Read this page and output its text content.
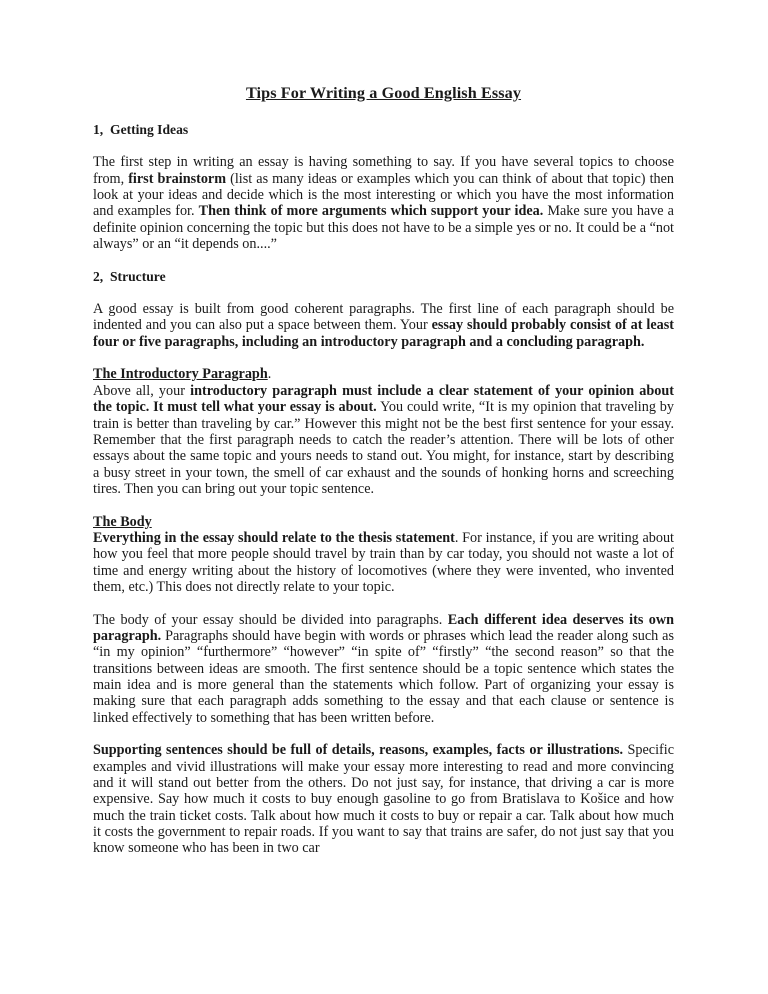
Tips For Writing a Good English Essay
1,  Getting Ideas

The first step in writing an essay is having something to say. If you have several topics to choose from, first brainstorm (list as many ideas or examples which you can think of about that topic) then look at your ideas and decide which is the most interesting or which you have the most information and examples for. Then think of more arguments which support your idea. Make sure you have a definite opinion concerning the topic but this does not have to be a simple yes or no. It could be a “not always” or an “it depends on....”

2,  Structure

A good essay is built from good coherent paragraphs. The first line of each paragraph should be indented and you can also put a space between them. Your essay should probably consist of at least four or five paragraphs, including an introductory paragraph and a concluding paragraph.

The Introductory Paragraph.

Above all, your introductory paragraph must include a clear statement of your opinion about the topic. It must tell what your essay is about. You could write, “It is my opinion that traveling by train is better than traveling by car.” However this might not be the best first sentence for your essay. Remember that the first paragraph needs to catch the reader’s attention. There will be lots of other essays about the same topic and yours needs to stand out. You might, for instance, start by describing a busy street in your town, the smell of car exhaust and the sounds of honking horns and screeching tires. Then you can bring out your topic sentence.

The Body

Everything in the essay should relate to the thesis statement. For instance, if you are writing about how you feel that more people should travel by train than by car today, you should not waste a lot of time and energy writing about the history of locomotives (where they were invented, who invented them, etc.) This does not directly relate to your topic.

The body of your essay should be divided into paragraphs. Each different idea deserves its own paragraph. Paragraphs should have begin with words or phrases which lead the reader along such as “in my opinion” “furthermore” “however” “in spite of” “firstly” “the second reason” so that the transitions between ideas are smooth. The first sentence should be a topic sentence which states the main idea and is more general than the statements which follow. Part of organizing your essay is making sure that each paragraph adds something to the essay and that each clause or sentence is linked effectively to something that has been written before.

Supporting sentences should be full of details, reasons, examples, facts or illustrations. Specific examples and vivid illustrations will make your essay more interesting to read and more convincing and it will stand out better from the others. Do not just say, for instance, that driving a car is more expensive. Say how much it costs to buy enough gasoline to go from Bratislava to Košice and how much the train ticket costs. Talk about how much it costs to buy or repair a car. Talk about how much it costs the government to repair roads. If you want to say that trains are safer, do not just say that you know someone who has been in two car
